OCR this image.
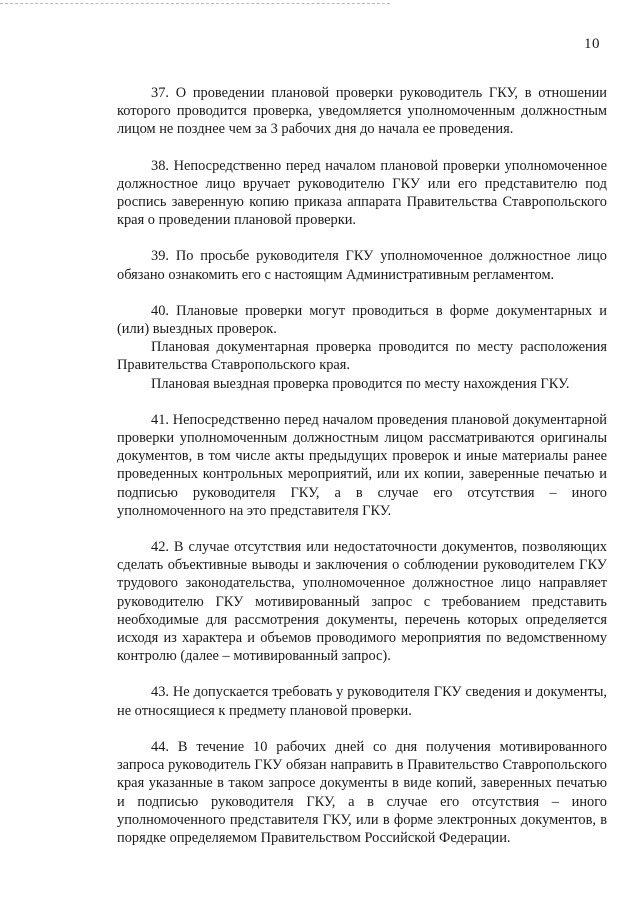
10

37. О проведении плановой проверки руководитель ГКУ, в отношении которого проводится проверка, уведомляется уполномоченным должностным лицом не позднее чем за 3 рабочих дня до начала ее проведения.

38. Непосредственно перед началом плановой проверки уполномоченное должностное лицо вручает руководителю ГКУ или его представителю под роспись заверенную копию приказа аппарата Правительства Ставропольского края о проведении плановой проверки.

39. По просьбе руководителя ГКУ уполномоченное должностное лицо обязано ознакомить его с настоящим Административным регламентом.

40. Плановые проверки могут проводиться в форме документарных и (или) выездных проверок.

Плановая документарная проверка проводится по месту расположения Правительства Ставропольского края.

Плановая выездная проверка проводится по месту нахождения ГКУ.

41. Непосредственно перед началом проведения плановой документарной проверки уполномоченным должностным лицом рассматриваются оригиналы документов, в том числе акты предыдущих проверок и иные материалы ранее проведенных контрольных мероприятий, или их копии, заверенные печатью и подписью руководителя ГКУ, а в случае его отсутствия – иного уполномоченного на это представителя ГКУ.

42. В случае отсутствия или недостаточности документов, позволяющих сделать объективные выводы и заключения о соблюдении руководителем ГКУ трудового законодательства, уполномоченное должностное лицо направляет руководителю ГКУ мотивированный запрос с требованием представить необходимые для рассмотрения документы, перечень которых определяется исходя из характера и объемов проводимого мероприятия по ведомственному контролю (далее – мотивированный запрос).

43. Не допускается требовать у руководителя ГКУ сведения и документы, не относящиеся к предмету плановой проверки.

44. В течение 10 рабочих дней со дня получения мотивированного запроса руководитель ГКУ обязан направить в Правительство Ставропольского края указанные в таком запросе документы в виде копий, заверенных печатью и подписью руководителя ГКУ, а в случае его отсутствия – иного уполномоченного представителя ГКУ, или в форме электронных документов, в порядке определяемом Правительством Российской Федерации.
